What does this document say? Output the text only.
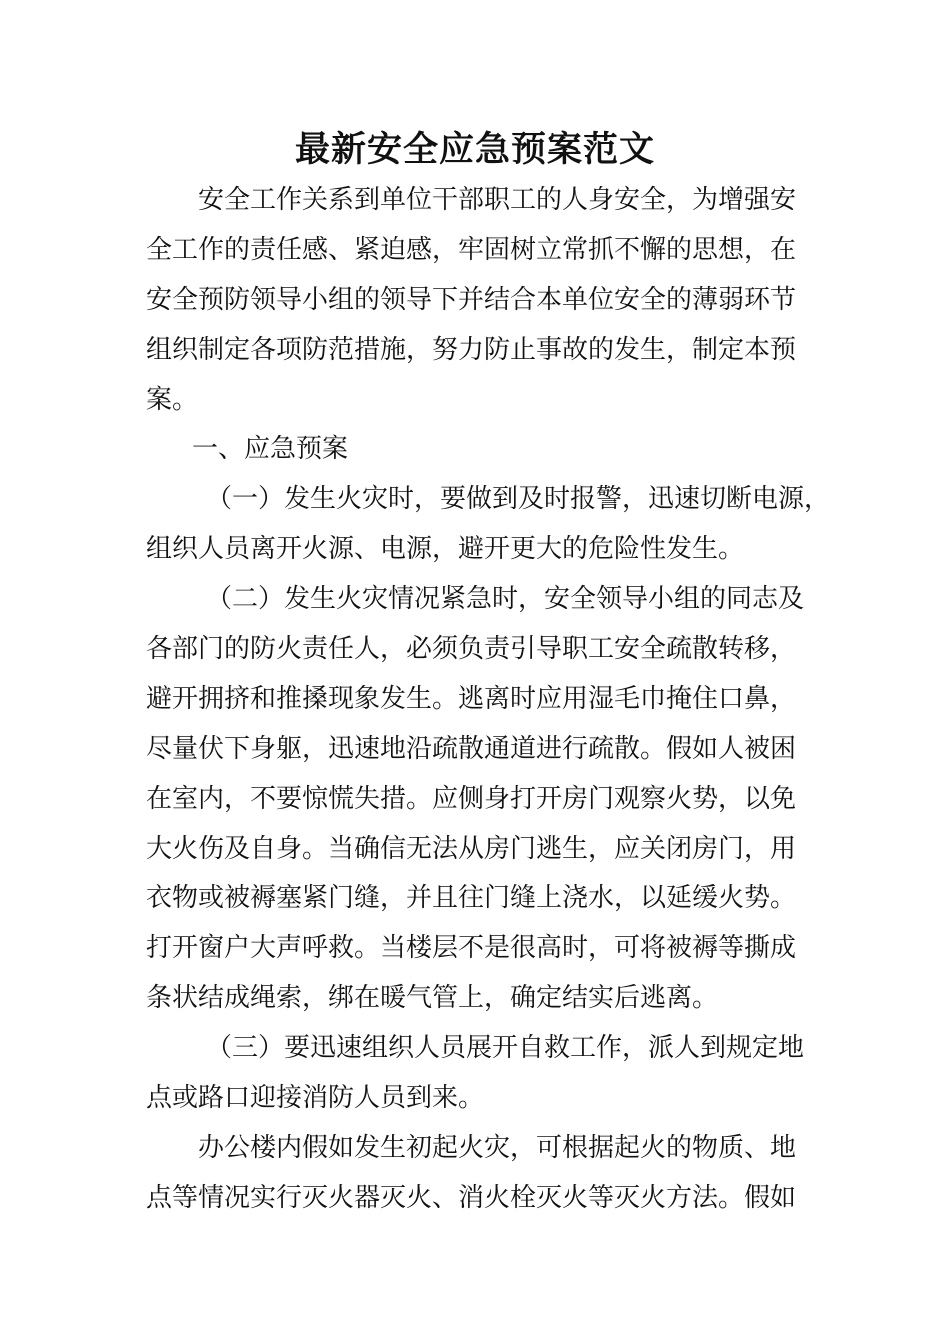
最新安全应急预案范文
安全工作关系到单位干部职工的人身安全，为增强安
全工作的责任感、紧迫感，牢固树立常抓不懈的思想，在
安全预防领导小组的领导下并结合本单位安全的薄弱环节
组织制定各项防范措施，努力防止事故的发生，制定本预
案。
一、应急预案
（一）发生火灾时，要做到及时报警，迅速切断电源，
组织人员离开火源、电源，避开更大的危险性发生。
（二）发生火灾情况紧急时，安全领导小组的同志及
各部门的防火责任人，必须负责引导职工安全疏散转移，
避开拥挤和推搡现象发生。逃离时应用湿毛巾掩住口鼻，
尽量伏下身躯，迅速地沿疏散通道进行疏散。假如人被困
在室内，不要惊慌失措。应侧身打开房门观察火势，以免
大火伤及自身。当确信无法从房门逃生，应关闭房门，用
衣物或被褥塞紧门缝，并且往门缝上浇水，以延缓火势。
打开窗户大声呼救。当楼层不是很高时，可将被褥等撕成
条状结成绳索，绑在暖气管上，确定结实后逃离。
（三）要迅速组织人员展开自救工作，派人到规定地
点或路口迎接消防人员到来。
办公楼内假如发生初起火灾，可根据起火的物质、地
点等情况实行灭火器灭火、消火栓灭火等灭火方法。假如
